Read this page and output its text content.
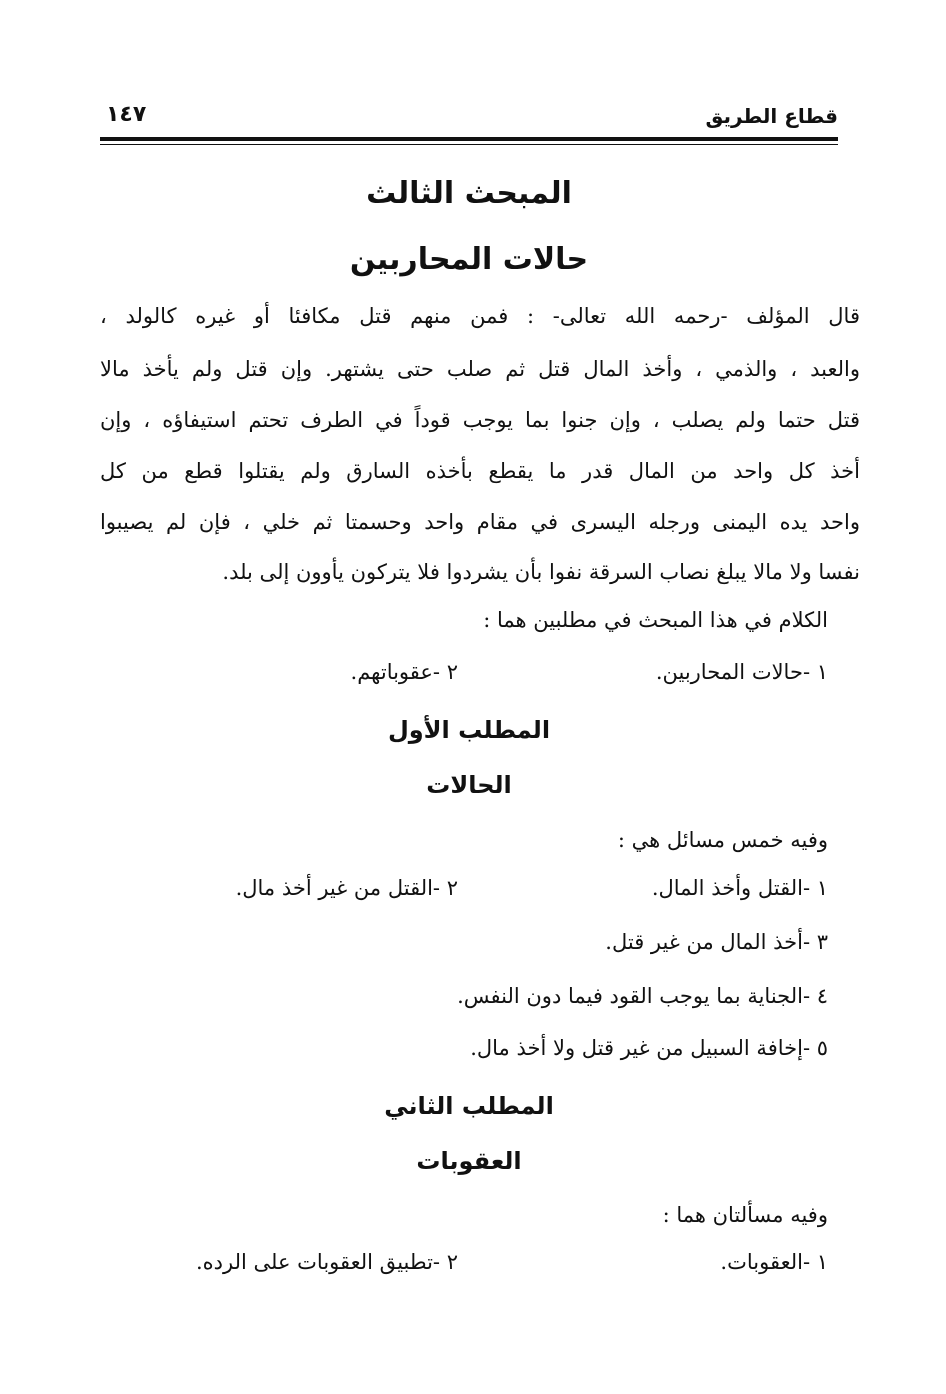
قطاع الطريق
١٤٧
المبحث الثالث
حالات المحاربين
قال المؤلف -رحمه الله تعالى- : فمن منهم قتل مكافئا أو غيره كالولد ،
والعبد ، والذمي ، وأخذ المال قتل ثم صلب حتى يشتهر. وإن قتل ولم يأخذ مالا
قتل حتما ولم يصلب ، وإن جنوا بما يوجب قوداً في الطرف تحتم استيفاؤه ، وإن
أخذ كل واحد من المال قدر ما يقطع بأخذه السارق ولم يقتلوا قطع من كل
واحد يده اليمنى ورجله اليسرى في مقام واحد وحسمتا ثم خلي ، فإن لم يصيبوا
نفسا ولا مالا يبلغ نصاب السرقة نفوا بأن يشردوا فلا يتركون يأوون إلى بلد.
الكلام في هذا المبحث في مطلبين هما :
١ -حالات المحاربين.
٢ -عقوباتهم.
المطلب الأول
الحالات
وفيه خمس مسائل هي :
١ -القتل وأخذ المال.
٢ -القتل من غير أخذ مال.
٣ -أخذ المال من غير قتل.
٤ -الجناية بما يوجب القود فيما دون النفس.
٥ -إخافة السبيل من غير قتل ولا أخذ مال.
المطلب الثاني
العقوبات
وفيه مسألتان هما :
١ -العقوبات.
٢ -تطبيق العقوبات على الرده.
